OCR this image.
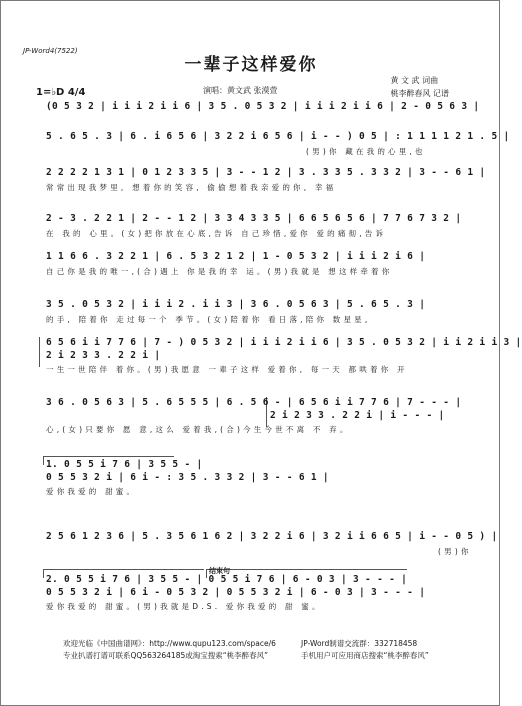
JP-Word4(7522)
一辈子这样爱你
黄 文 武 词曲
桃李醉春风 记谱
演唱：黄文武 张漠萱
1=♭D 4/4
(0 5 3 2 | i i i 2 i i 6 | 3 5 . 0 5 3 2 | i i i 2 i i 6 | 2 - 0 5 6 3 |
5 . 6 5 . 3 | 6 . i 6 5 6 | 3 2 2 i 6 5 6 | i - - ) 0 5 | : 1 1 1 1 2 1 . 5 |
(男)你 藏在我的心里,也
2 2 2 2 1 3 1 | 0 1 2 3 3 5 | 3 - - 1 2 | 3 . 3 3 5 . 3 3 2 | 3 - - 6 1 |
常常出现我梦里, 想着你的笑容, 偷偷想着我亲爱的你, 幸福
2 - 3 . 2 2 1 | 2 - - 1 2 | 3 3 4 3 3 5 | 6 6 5 6 5 6 | 7 7 6 7 3 2 |
在 我的 心里。(女)把你放在心底,告诉 自己珍惜,爱你 爱的痛彻,告诉
1 1 6 6 . 3 2 2 1 | 6 . 5 3 2 1 2 | 1 - 0 5 3 2 | i i i 2 i 6 |
自己你是我的唯一,(合)遇上 你是我的幸 运。(男)我就是 想这样牵着你
3 5 . 0 5 3 2 | i i i 2 . i i 3 | 3 6 . 0 5 6 3 | 5 . 6 5 . 3 |
的手, 陪着你 走过每一个 季节。(女)陪着你 看日落,陪你 数星星,
6 5 6 i i 7 7 6 | 7 - ) 0 5 3 2 | i i i 2 i i 6 | 3 5 . 0 5 3 2 | i i 2 i i 3 |
2 i 2 3 3 . 2 2 i |
一生一世陪伴 着你。(男)我愿意 一辈子这样 爱着你, 每一天 都哄着你 开
3 6 . 0 5 6 3 | 5 . 6 5 5 5 | 6 . 5 6 - | 6 5 6 i i 7 7 6 | 7 - - - |
2 i 2 3 3 . 2 2 i | i - - - |
心,(女)只要你 愿 意,这么 爱着我,(合)今生今世不离 不 弃。
1. 0 5 5 i 7 6 | 3 5 5 - |
0 5 5 3 2 i | 6 i - : 3 5 . 3 3 2 | 3 - - 6 1 |
爱你我爱的 甜蜜。
2 5 6 1 2 3 6 | 5 . 3 5 6 1 6 2 | 3 2 2 i 6 | 3 2 i i 6 6 5 | i - - 0 5 ) |
(男)你
结束句
2. 0 5 5 i 7 6 | 3 5 5 - | 0 5 5 i 7 6 | 6 - 0 3 | 3 - - - |
0 5 5 3 2 i | 6 i - 0 5 3 2 | 0 5 5 3 2 i | 6 - 0 3 | 3 - - - |
爱你我爱的 甜蜜。(男)我就是D.S. 爱你我爱的 甜 蜜。
欢迎光临《中国曲谱网》：http://www.qupu123.com/space/6
专业扒谱打谱可联系QQ563264185或淘宝搜索“桃李醉春风”
JP-Word制谱交流群：332718458
手机用户可应用商店搜索“桃李醉春风”
